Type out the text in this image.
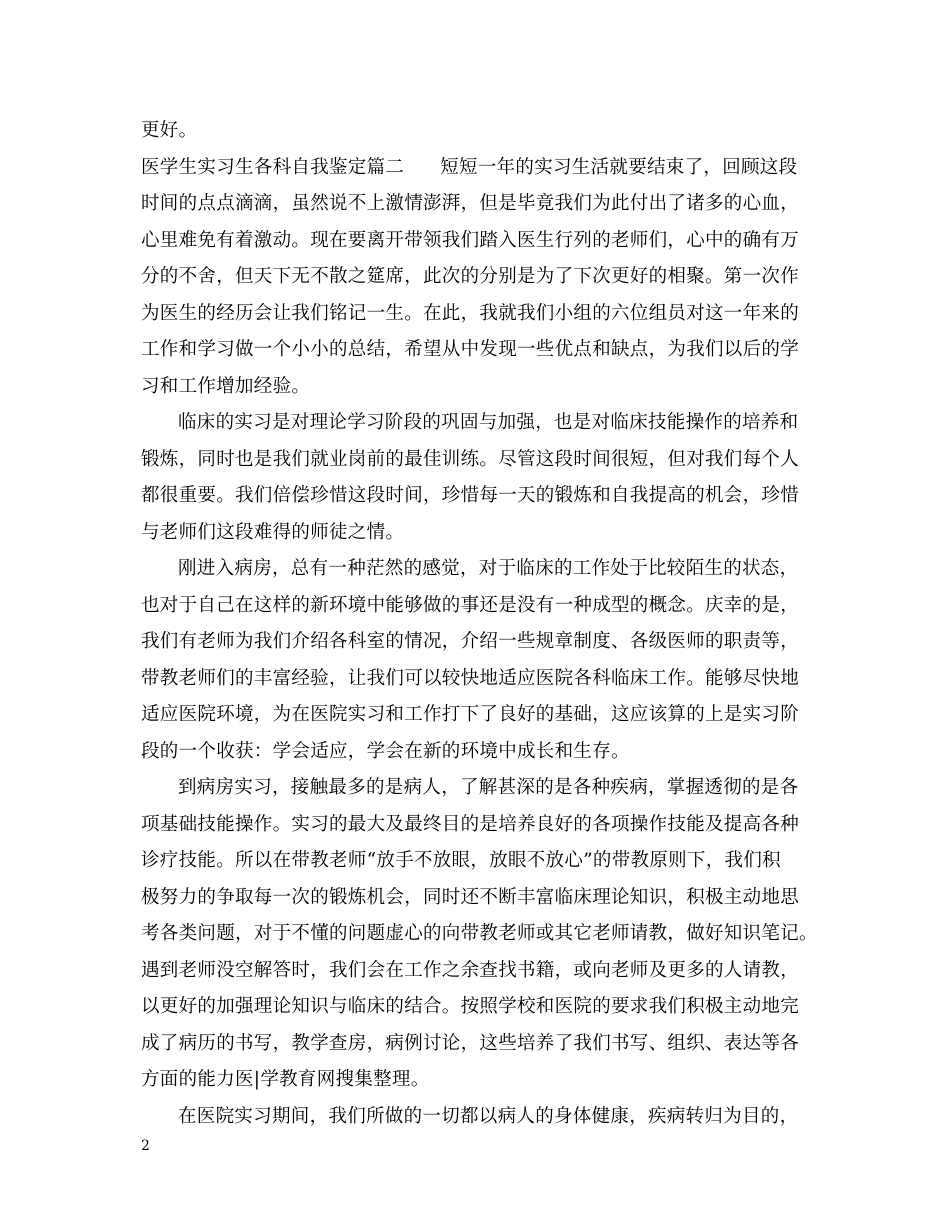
更好。
医学生实习生各科自我鉴定篇二 短短一年的实习生活就要结束了，回顾这段
时间的点点滴滴，虽然说不上激情澎湃，但是毕竟我们为此付出了诸多的心血，
心里难免有着激动。现在要离开带领我们踏入医生行列的老师们，心中的确有万
分的不舍，但天下无不散之筵席，此次的分别是为了下次更好的相聚。第一次作
为医生的经历会让我们铭记一生。在此，我就我们小组的六位组员对这一年来的
工作和学习做一个小小的总结，希望从中发现一些优点和缺点，为我们以后的学
习和工作增加经验。
临床的实习是对理论学习阶段的巩固与加强，也是对临床技能操作的培养和
锻炼，同时也是我们就业岗前的最佳训练。尽管这段时间很短，但对我们每个人
都很重要。我们倍偿珍惜这段时间，珍惜每一天的锻炼和自我提高的机会，珍惜
与老师们这段难得的师徒之情。
刚进入病房，总有一种茫然的感觉，对于临床的工作处于比较陌生的状态，
也对于自己在这样的新环境中能够做的事还是没有一种成型的概念。庆幸的是，
我们有老师为我们介绍各科室的情况，介绍一些规章制度、各级医师的职责等，
带教老师们的丰富经验，让我们可以较快地适应医院各科临床工作。能够尽快地
适应医院环境，为在医院实习和工作打下了良好的基础，这应该算的上是实习阶
段的一个收获：学会适应，学会在新的环境中成长和生存。
到病房实习，接触最多的是病人，了解甚深的是各种疾病，掌握透彻的是各
项基础技能操作。实习的最大及最终目的是培养良好的各项操作技能及提高各种
诊疗技能。所以在带教老师“放手不放眼，放眼不放心”的带教原则下，我们积
极努力的争取每一次的锻炼机会，同时还不断丰富临床理论知识，积极主动地思
考各类问题，对于不懂的问题虚心的向带教老师或其它老师请教，做好知识笔记。
遇到老师没空解答时，我们会在工作之余查找书籍，或向老师及更多的人请教，
以更好的加强理论知识与临床的结合。按照学校和医院的要求我们积极主动地完
成了病历的书写，教学查房，病例讨论，这些培养了我们书写、组织、表达等各
方面的能力医|学教育网搜集整理。
在医院实习期间，我们所做的一切都以病人的身体健康，疾病转归为目的，
2
